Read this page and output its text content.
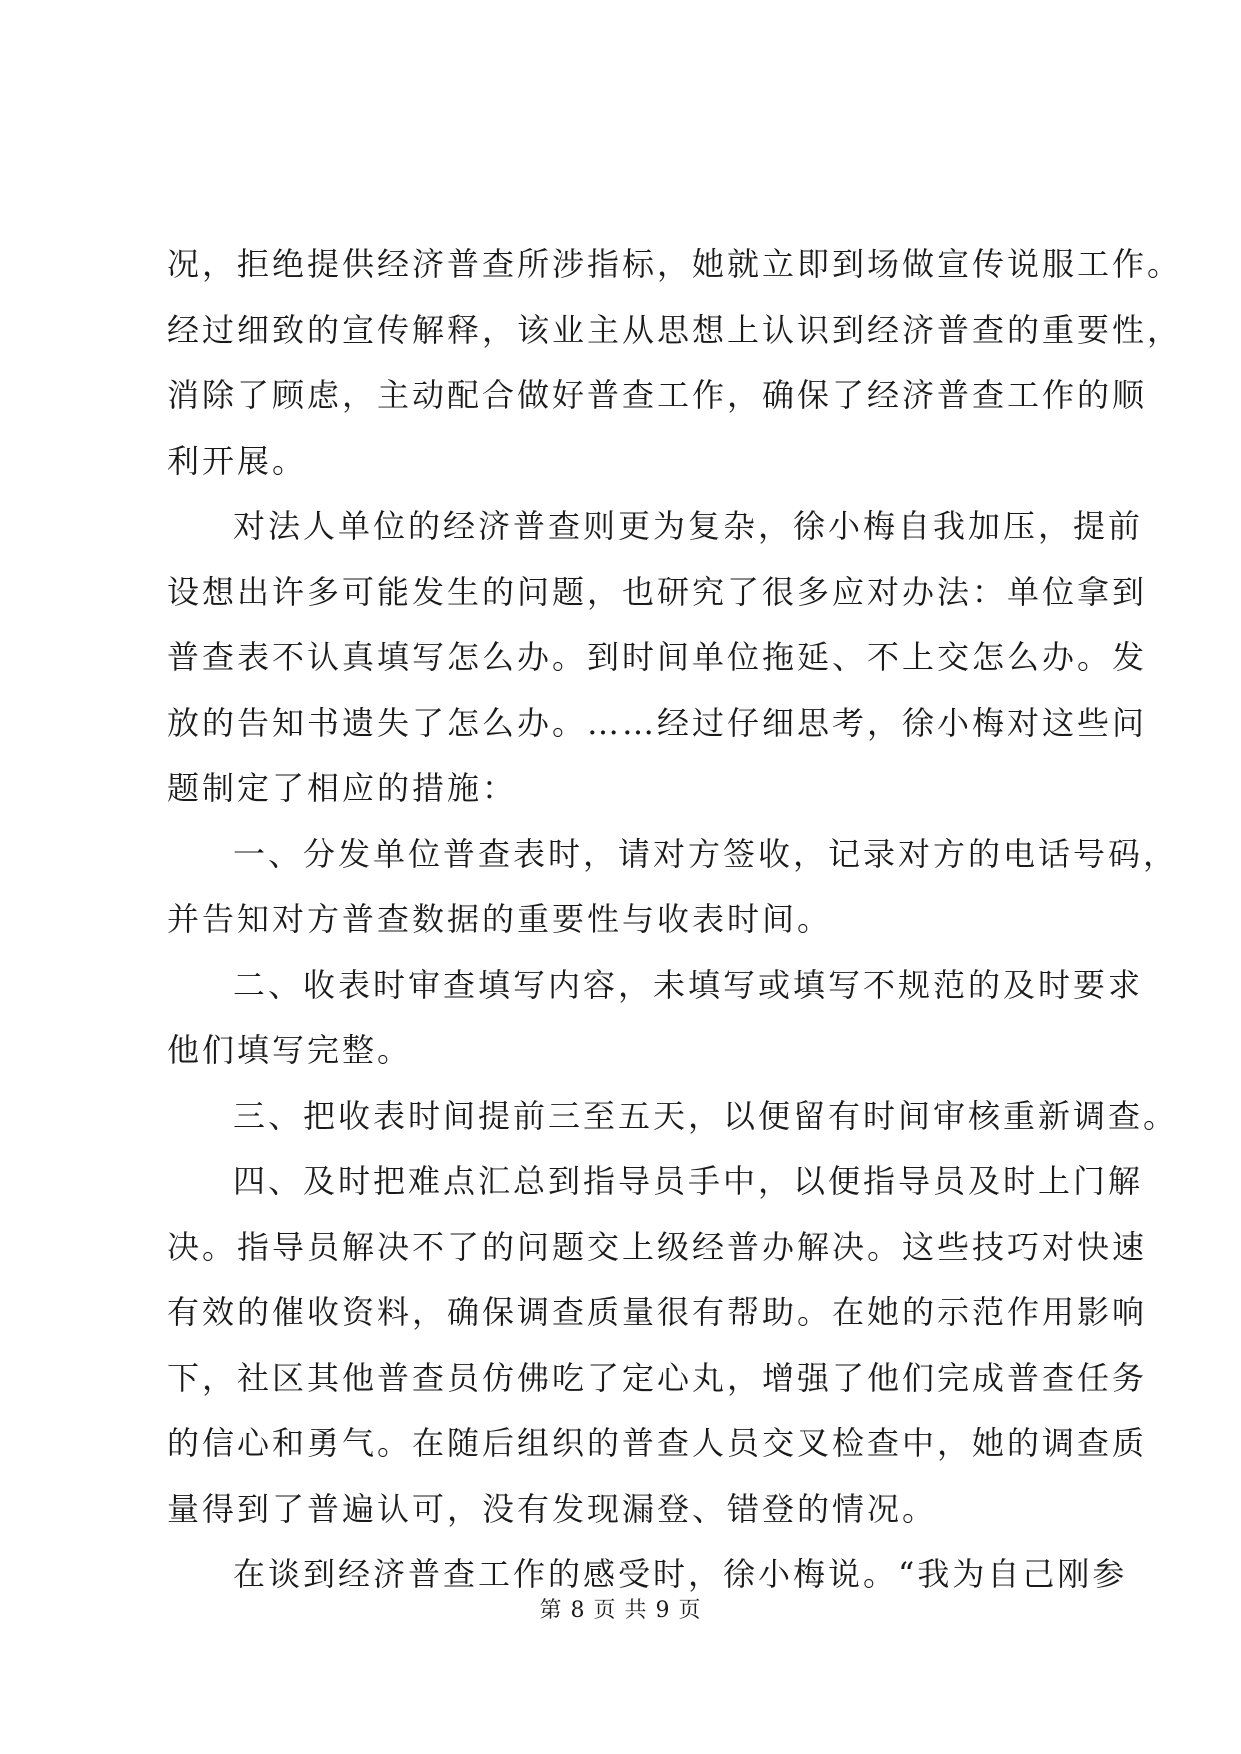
况，拒绝提供经济普查所涉指标，她就立即到场做宣传说服工作。
经过细致的宣传解释，该业主从思想上认识到经济普查的重要性，
消除了顾虑，主动配合做好普查工作，确保了经济普查工作的顺
利开展。
对法人单位的经济普查则更为复杂，徐小梅自我加压，提前
设想出许多可能发生的问题，也研究了很多应对办法：单位拿到
普查表不认真填写怎么办。到时间单位拖延、不上交怎么办。发
放的告知书遗失了怎么办。……经过仔细思考，徐小梅对这些问
题制定了相应的措施：
一、分发单位普查表时，请对方签收，记录对方的电话号码，
并告知对方普查数据的重要性与收表时间。
二、收表时审查填写内容，未填写或填写不规范的及时要求
他们填写完整。
三、把收表时间提前三至五天，以便留有时间审核重新调查。
四、及时把难点汇总到指导员手中，以便指导员及时上门解
决。指导员解决不了的问题交上级经普办解决。这些技巧对快速
有效的催收资料，确保调查质量很有帮助。在她的示范作用影响
下，社区其他普查员仿佛吃了定心丸，增强了他们完成普查任务
的信心和勇气。在随后组织的普查人员交叉检查中，她的调查质
量得到了普遍认可，没有发现漏登、错登的情况。
在谈到经济普查工作的感受时，徐小梅说。“我为自己刚参
第 8 页 共 9 页
